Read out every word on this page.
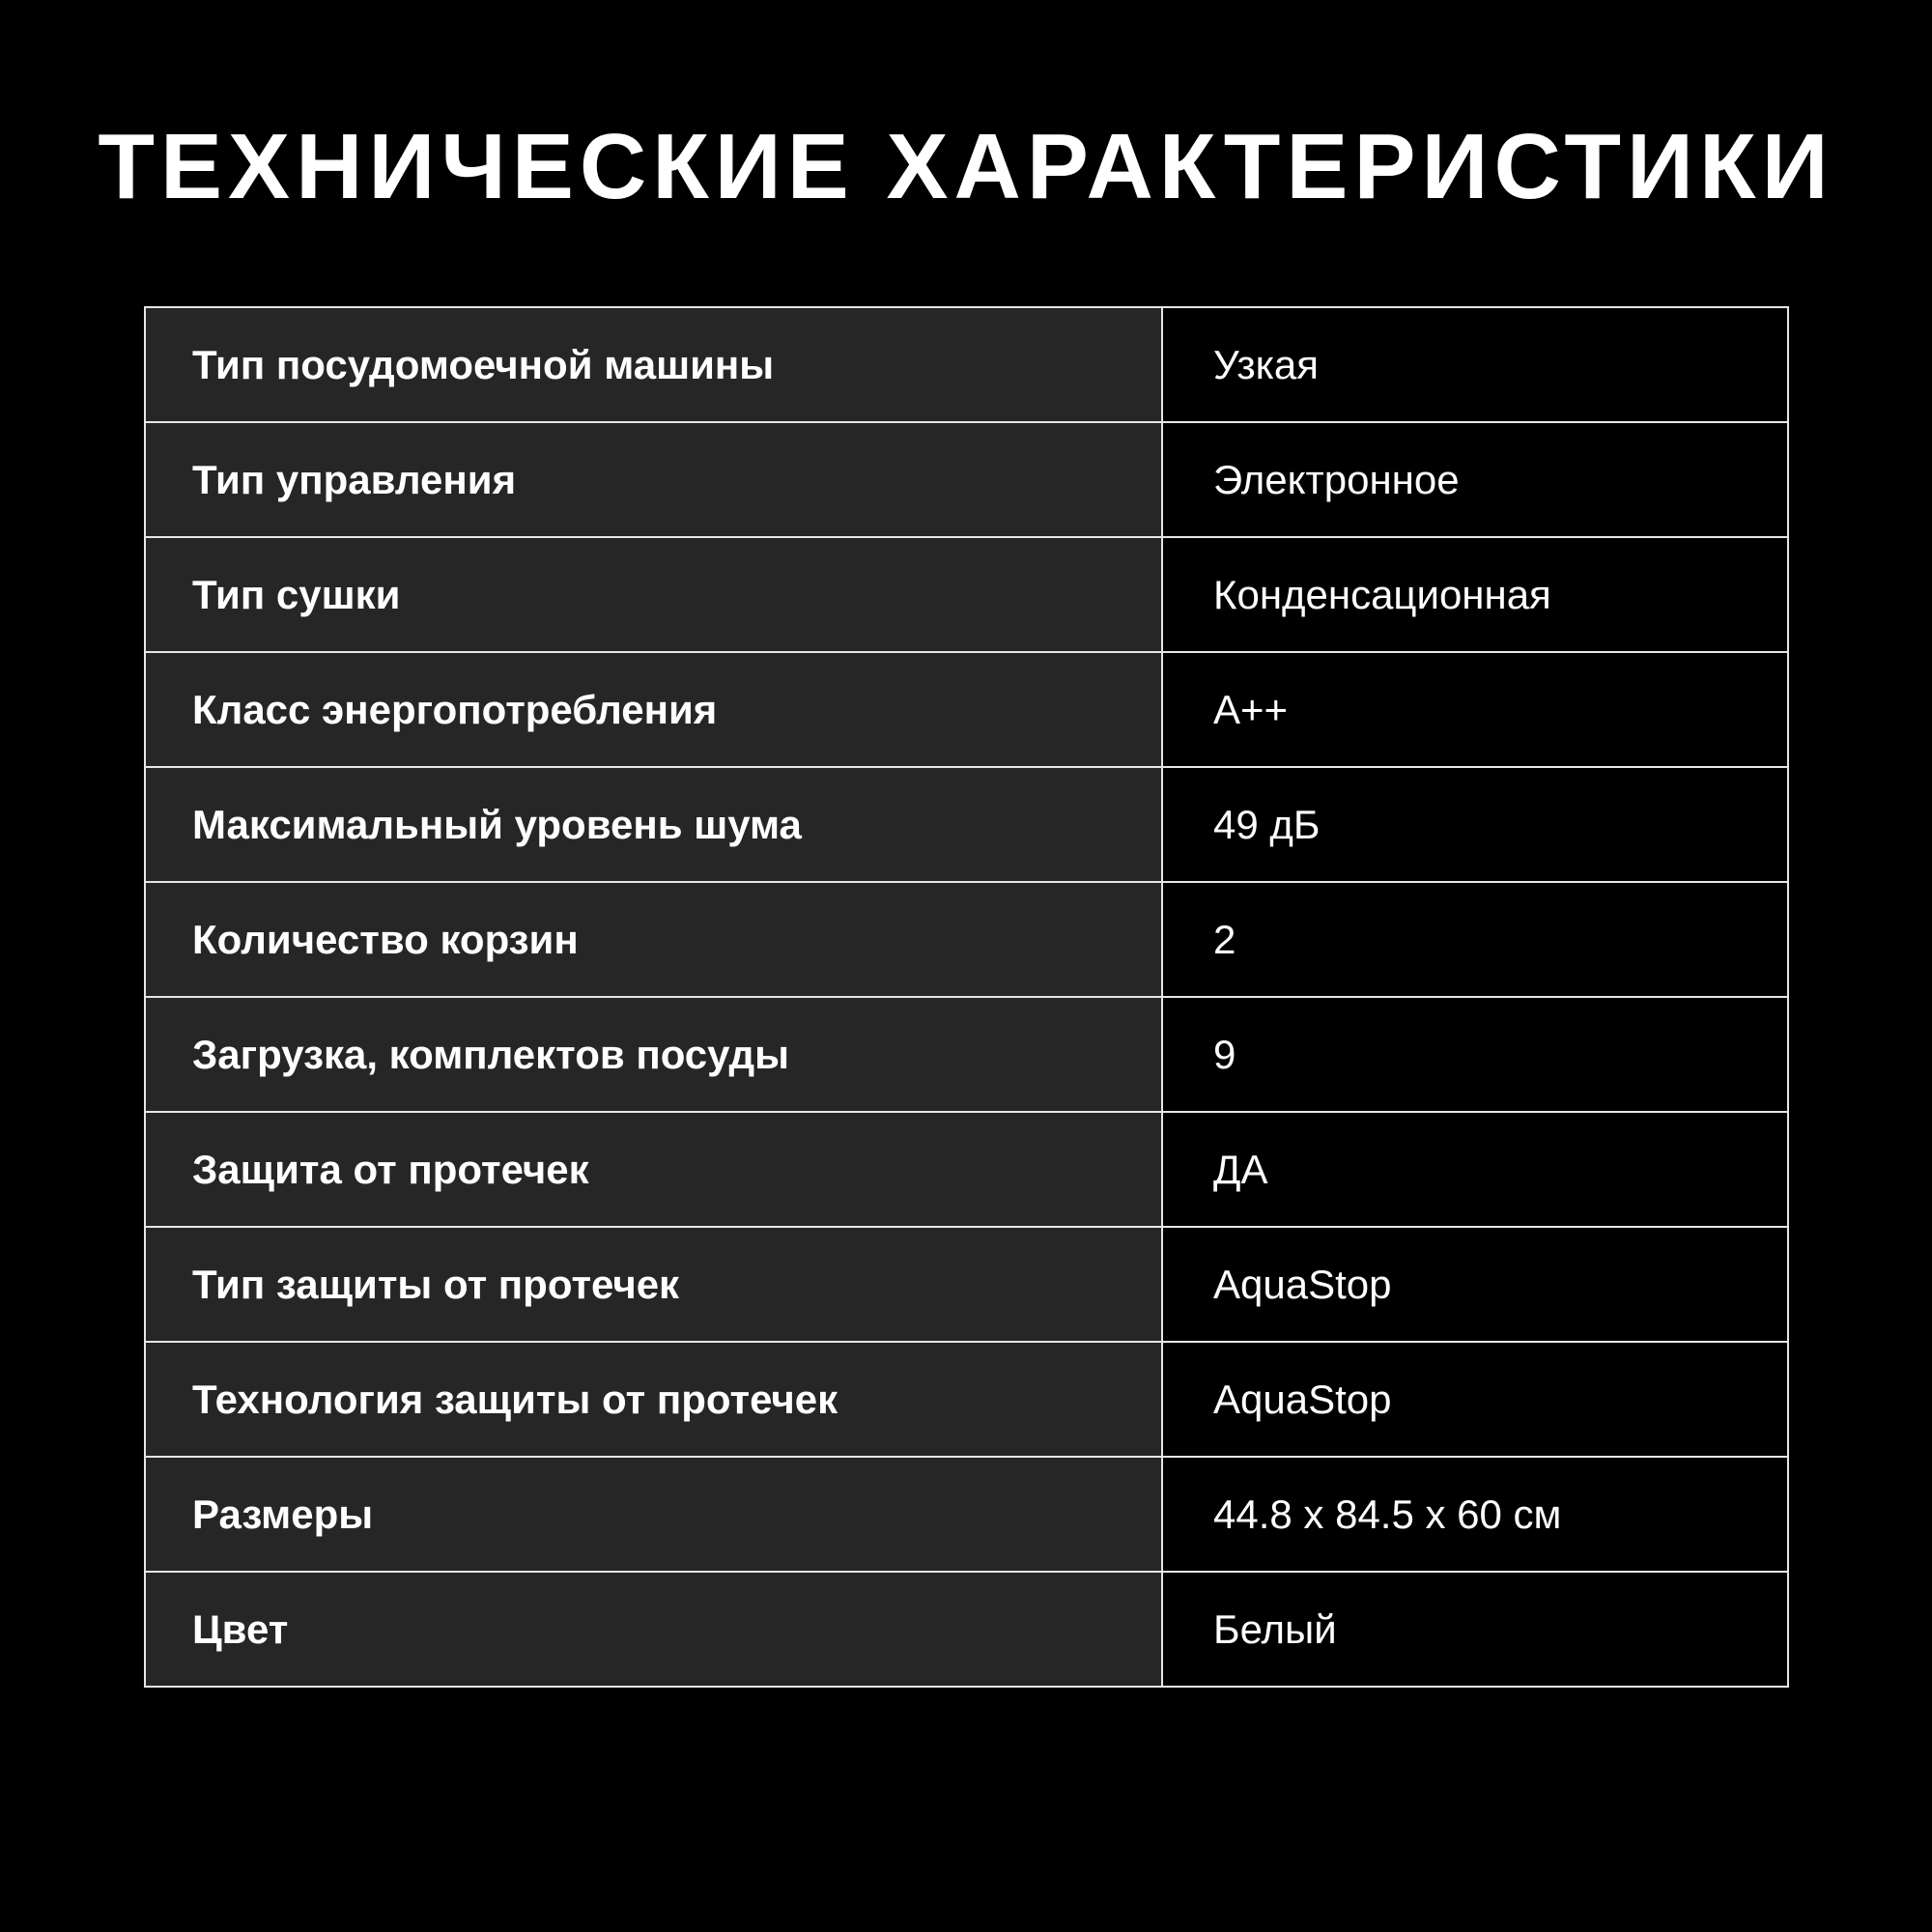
ТЕХНИЧЕСКИЕ ХАРАКТЕРИСТИКИ
Тип посудомоечной машины	Узкая
Тип управления	Электронное
Тип сушки	Конденсационная
Класс энергопотребления	А++
Максимальный уровень шума	49 дБ
Количество корзин	2
Загрузка, комплектов посуды	9
Защита от протечек	ДА
Тип защиты от протечек	AquaStop
Технология защиты от протечек	AquaStop
Размеры	44.8 x 84.5 x 60 см
Цвет	Белый
